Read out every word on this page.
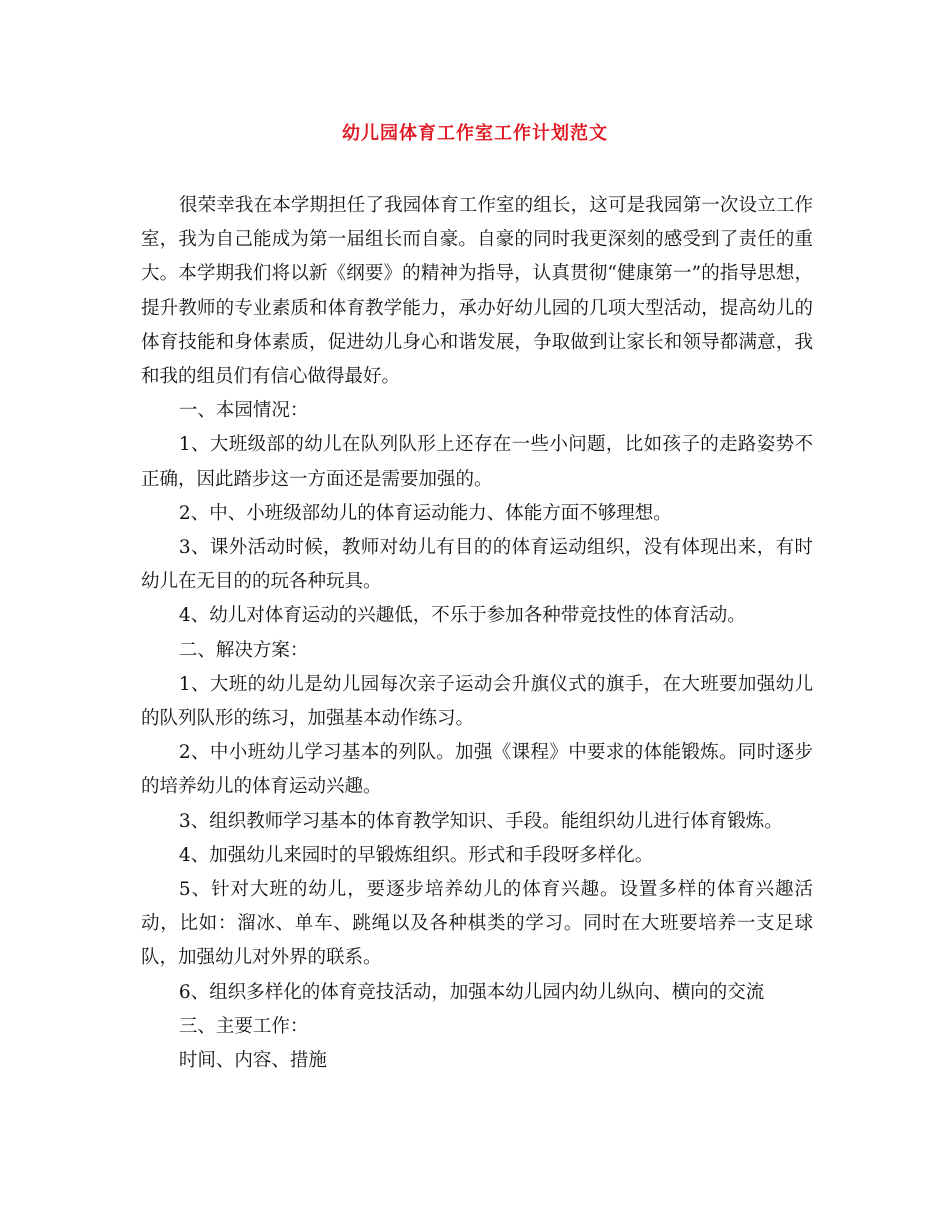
幼儿园体育工作室工作计划范文

很荣幸我在本学期担任了我园体育工作室的组长，这可是我园第一次设立工作室，我为自己能成为第一届组长而自豪。自豪的同时我更深刻的感受到了责任的重大。本学期我们将以新《纲要》的精神为指导，认真贯彻“健康第一”的指导思想，提升教师的专业素质和体育教学能力，承办好幼儿园的几项大型活动，提高幼儿的体育技能和身体素质，促进幼儿身心和谐发展，争取做到让家长和领导都满意，我和我的组员们有信心做得最好。

一、本园情况：

1、大班级部的幼儿在队列队形上还存在一些小问题，比如孩子的走路姿势不正确，因此踏步这一方面还是需要加强的。

2、中、小班级部幼儿的体育运动能力、体能方面不够理想。

3、课外活动时候，教师对幼儿有目的的体育运动组织，没有体现出来，有时幼儿在无目的的玩各种玩具。

4、幼儿对体育运动的兴趣低，不乐于参加各种带竞技性的体育活动。

二、解决方案：

1、大班的幼儿是幼儿园每次亲子运动会升旗仪式的旗手，在大班要加强幼儿的队列队形的练习，加强基本动作练习。

2、中小班幼儿学习基本的列队。加强《课程》中要求的体能锻炼。同时逐步的培养幼儿的体育运动兴趣。

3、组织教师学习基本的体育教学知识、手段。能组织幼儿进行体育锻炼。

4、加强幼儿来园时的早锻炼组织。形式和手段呀多样化。

5、针对大班的幼儿，要逐步培养幼儿的体育兴趣。设置多样的体育兴趣活动，比如：溜冰、单车、跳绳以及各种棋类的学习。同时在大班要培养一支足球队，加强幼儿对外界的联系。

6、组织多样化的体育竞技活动，加强本幼儿园内幼儿纵向、横向的交流

三、主要工作：

时间、内容、措施
